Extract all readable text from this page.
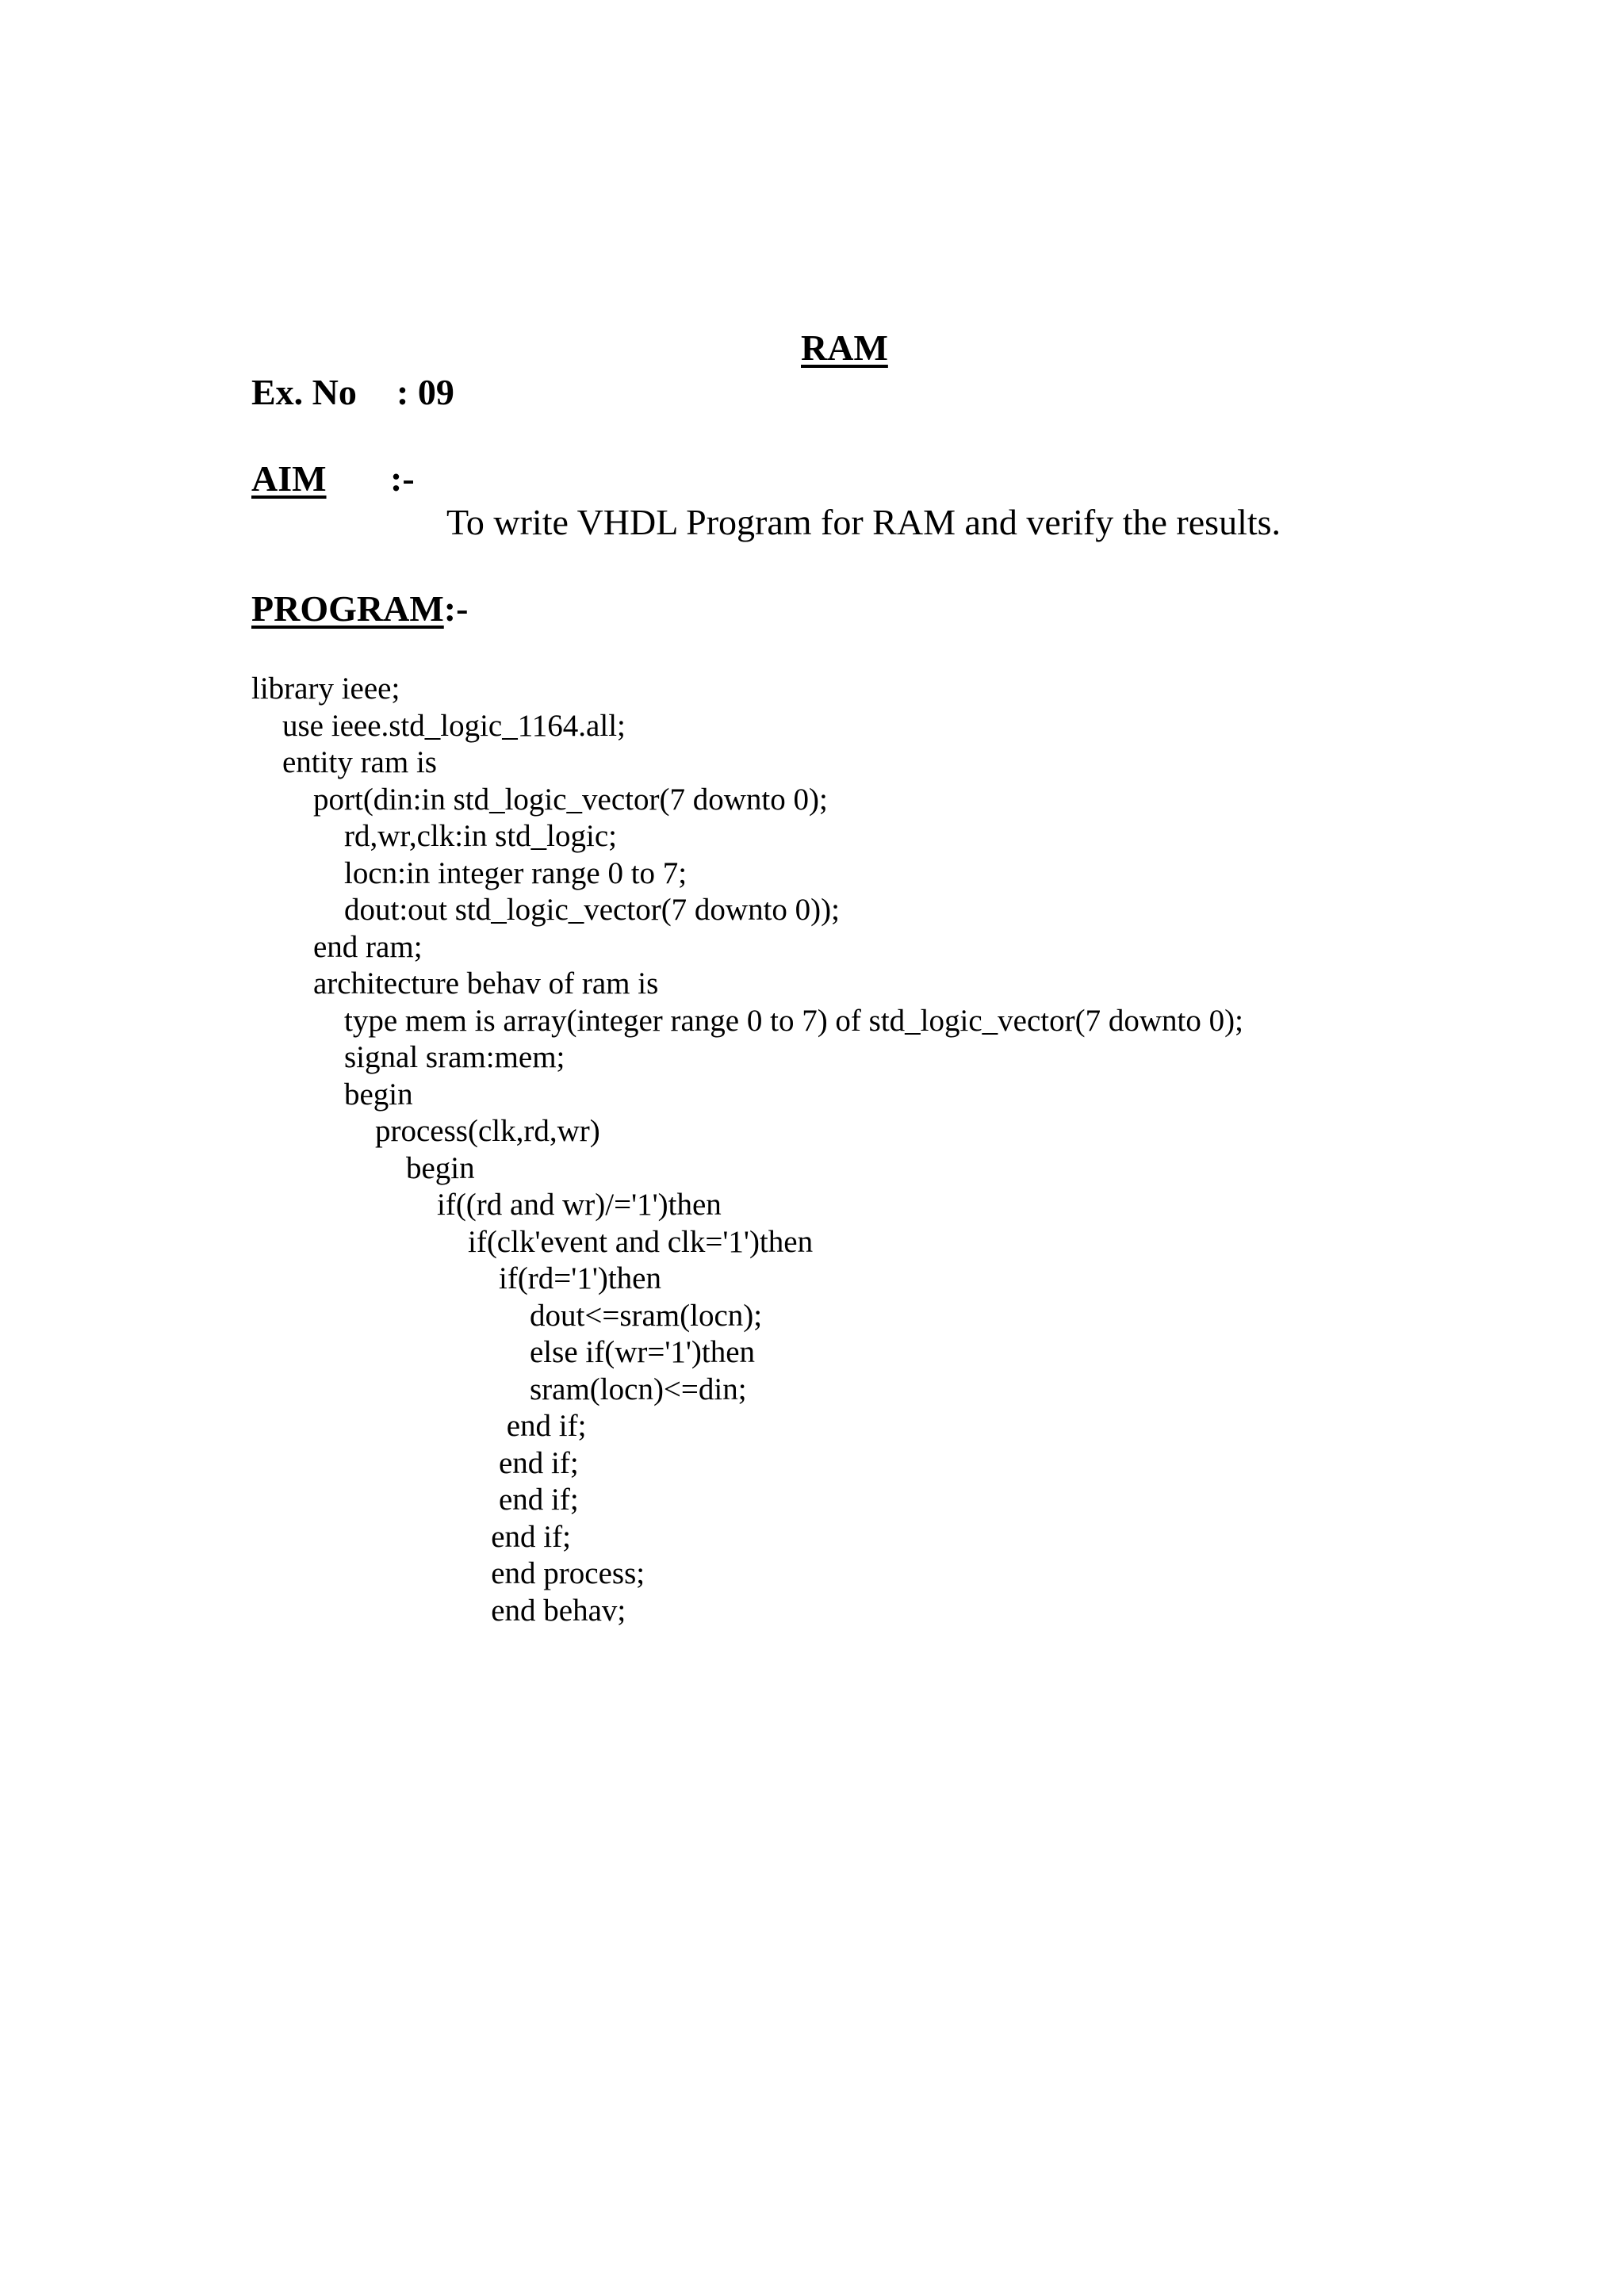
RAM
Ex. No : 09
AIM :-
To write VHDL Program for RAM and verify the results.
PROGRAM:-
library ieee;
use ieee.std_logic_1164.all;
entity ram is
port(din:in std_logic_vector(7 downto 0);
rd,wr,clk:in std_logic;
locn:in integer range 0 to 7;
dout:out std_logic_vector(7 downto 0));
end ram;
architecture behav of ram is
type mem is array(integer range 0 to 7) of std_logic_vector(7 downto 0);
signal sram:mem;
begin
process(clk,rd,wr)
begin
if((rd and wr)/='1')then
if(clk'event and clk='1')then
if(rd='1')then
dout<=sram(locn);
else if(wr='1')then
sram(locn)<=din;
end if;
end if;
end if;
end if;
end process;
end behav;
